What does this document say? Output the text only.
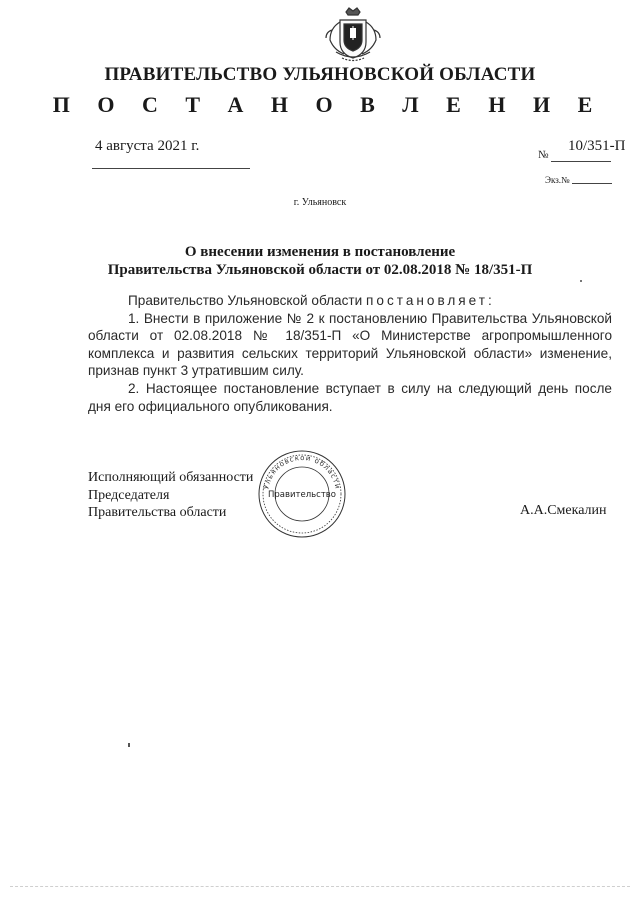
ПРАВИТЕЛЬСТВО УЛЬЯНОВСКОЙ ОБЛАСТИ
П О С Т А Н О В Л Е Н И Е
4 августа 2021 г.
№
10/351-П
Экз.№
г. Ульяновск
О внесении изменения в постановление
Правительства Ульяновской области от 02.08.2018 № 18/351-П

Правительство Ульяновской области постановляет:

1. Внести в приложение № 2 к постановлению Правительства Ульяновской области от 02.08.2018 № 18/351-П «О Министерстве агропромышленного комплекса и развития сельских территорий Ульяновской области» изменение, признав пункт 3 утратившим силу.

2. Настоящее постановление вступает в силу на следующий день после дня его официального опубликования.

Исполняющий обязанности
Председателя
Правительства области	А.А.Смекалин
Ульяновской области
Правительство
